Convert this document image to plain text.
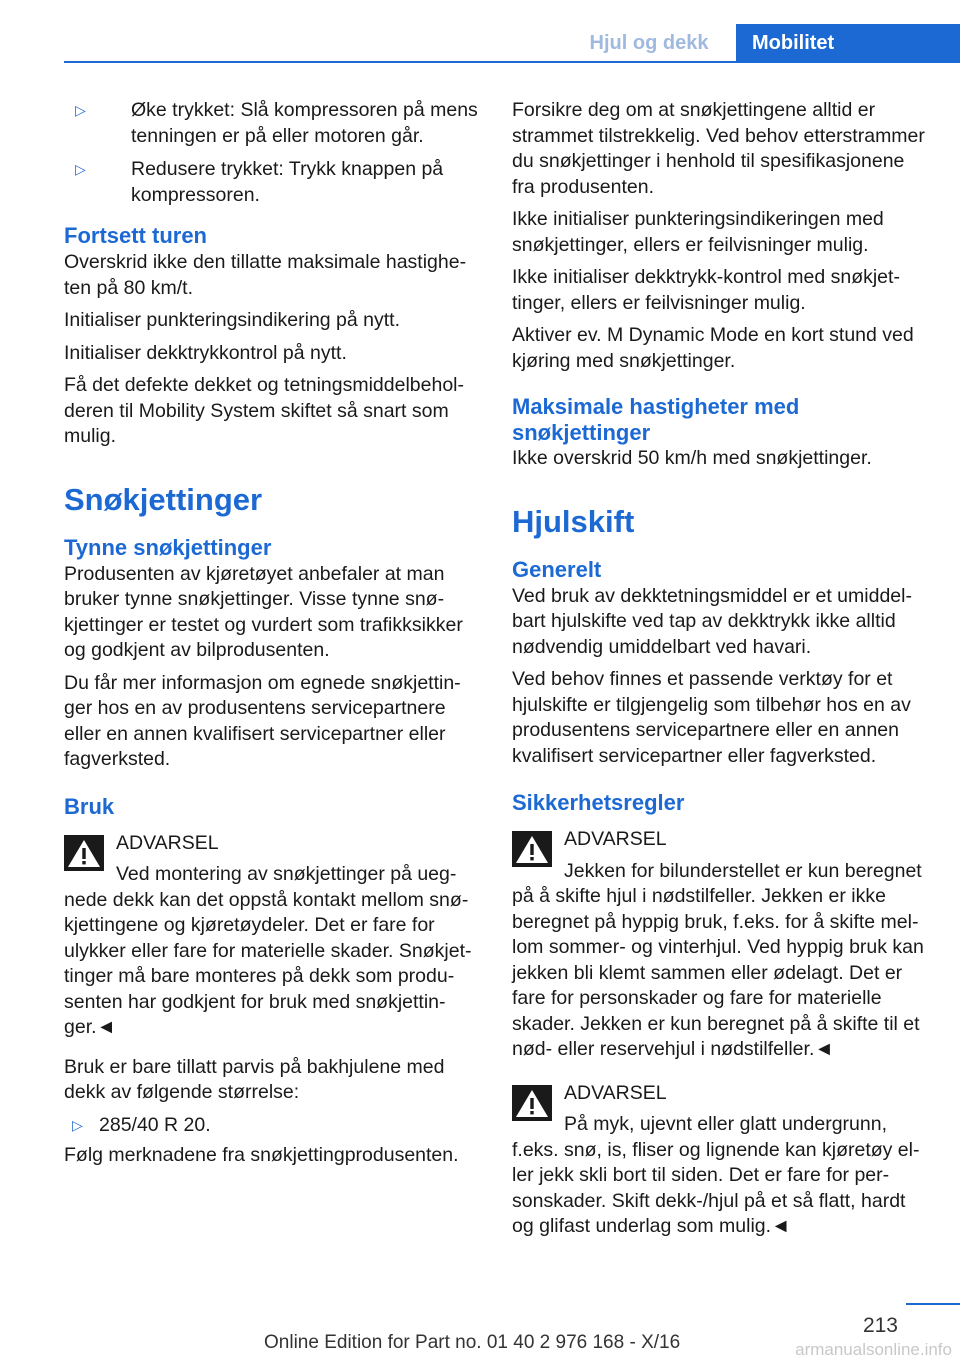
Hjul og dekk	Mobilitet
▷ Øke trykket: Slå kompressoren på mens tenningen er på eller motoren går.
▷ Redusere trykket: Trykk knappen på kompressoren.
Fortsett turen

Overskrid ikke den tillatte maksimale hastigheten på 80 km/t.

Initialiser punkteringsindikering på nytt.

Initialiser dekktrykkontrol på nytt.

Få det defekte dekket og tetningsmiddelbeholderen til Mobility System skiftet så snart som mulig.

Snøkjettinger
Tynne snøkjettinger

Produsenten av kjøretøyet anbefaler at man bruker tynne snøkjettinger. Visse tynne snøkjettinger er testet og vurdert som trafikksikker og godkjent av bilprodusenten.

Du får mer informasjon om egnede snøkjettinger hos en av produsentens servicepartnere eller en annen kvalifisert servicepartner eller fagverksted.

Bruk
ADVARSEL
Ved montering av snøkjettinger på uegnede dekk kan det oppstå kontakt mellom snøkjettingene og kjøretøydeler. Det er fare for ulykker eller fare for materielle skader. Snøkjettinger må bare monteres på dekk som produsenten har godkjent for bruk med snøkjettinger.◄

Bruk er bare tillatt parvis på bakhjulene med dekk av følgende størrelse:

▷ 285/40 R 20.

Følg merknadene fra snøkjettingprodusenten.

Forsikre deg om at snøkjettingene alltid er strammet tilstrekkelig. Ved behov etterstrammer du snøkjettinger i henhold til spesifikasjonene fra produsenten.

Ikke initialiser punkteringsindikeringen med snøkjettinger, ellers er feilvisninger mulig.

Ikke initialiser dekktrykk-kontrol med snøkjettinger, ellers er feilvisninger mulig.

Aktiver ev. M Dynamic Mode en kort stund ved kjøring med snøkjettinger.

Maksimale hastigheter med snøkjettinger

Ikke overskrid 50 km/h med snøkjettinger.

Hjulskift
Generelt

Ved bruk av dekktetningsmiddel er et umiddelbart hjulskifte ved tap av dekktrykk ikke alltid nødvendig umiddelbart ved havari.

Ved behov finnes et passende verktøy for et hjulskifte er tilgjengelig som tilbehør hos en av produsentens servicepartnere eller en annen kvalifisert servicepartner eller fagverksted.

Sikkerhetsregler
ADVARSEL
Jekken for bilunderstellet er kun beregnet på å skifte hjul i nødstilfeller. Jekken er ikke beregnet på hyppig bruk, f.eks. for å skifte mellom sommer- og vinterhjul. Ved hyppig bruk kan jekken bli klemt sammen eller ødelagt. Det er fare for personskader og fare for materielle skader. Jekken er kun beregnet på å skifte til et nød- eller reservehjul i nødstilfeller.◄
ADVARSEL
På myk, ujevnt eller glatt undergrunn, f.eks. snø, is, fliser og lignende kan kjøretøy eller jekk skli bort til siden. Det er fare for personskader. Skift dekk-/hjul på et så flatt, hardt og glifast underlag som mulig.◄
213
Online Edition for Part no. 01 40 2 976 168 - X/16	armanualsonline.info
